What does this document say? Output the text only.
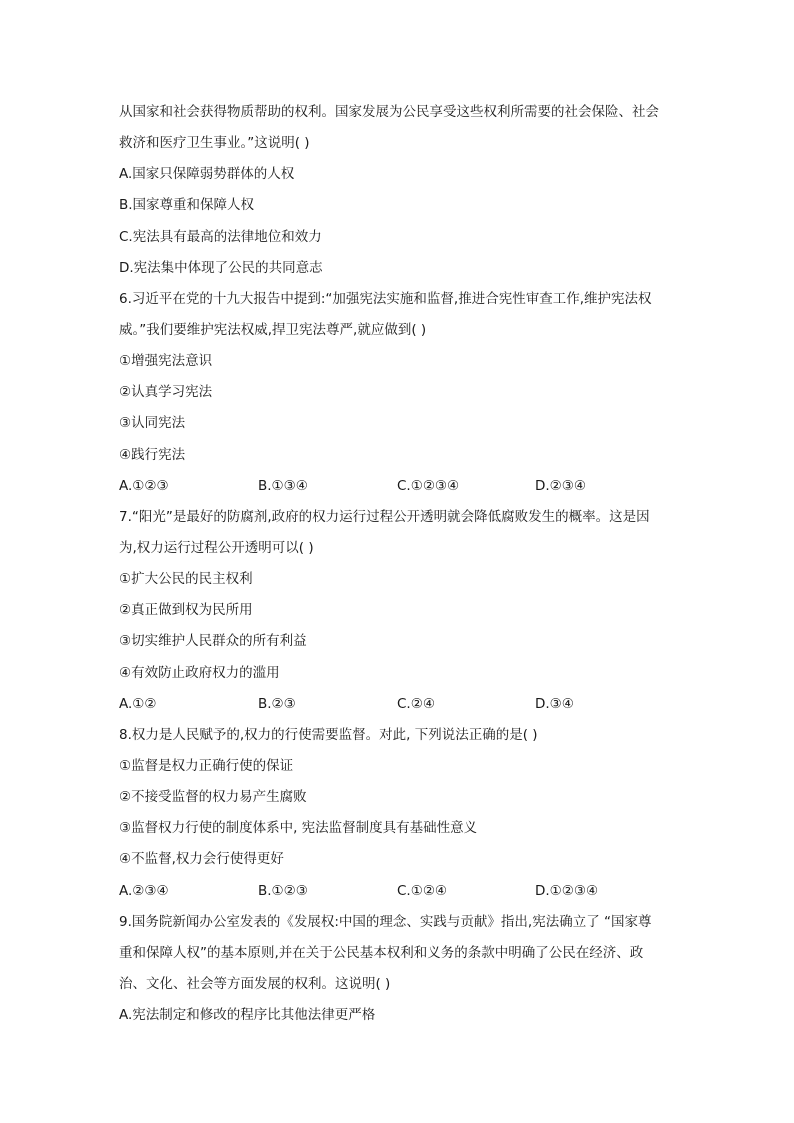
从国家和社会获得物质帮助的权利。国家发展为公民享受这些权利所需要的社会保险、社会
救济和医疗卫生事业。”这说明( )
A.国家只保障弱势群体的人权
B.国家尊重和保障人权
C.宪法具有最高的法律地位和效力
D.宪法集中体现了公民的共同意志
6.习近平在党的十九大报告中提到:“加强宪法实施和监督,推进合宪性审查工作,维护宪法权
威。”我们要维护宪法权威,捍卫宪法尊严,就应做到( )
①增强宪法意识
②认真学习宪法
③认同宪法
④践行宪法
A.①②③	B.①③④	C.①②③④	D.②③④
7.“阳光”是最好的防腐剂,政府的权力运行过程公开透明就会降低腐败发生的概率。这是因
为,权力运行过程公开透明可以( )
①扩大公民的民主权利
②真正做到权为民所用
③切实维护人民群众的所有利益
④有效防止政府权力的滥用
A.①②	B.②③	C.②④	D.③④
8.权力是人民赋予的,权力的行使需要监督。对此, 下列说法正确的是( )
①监督是权力正确行使的保证
②不接受监督的权力易产生腐败
③监督权力行使的制度体系中, 宪法监督制度具有基础性意义
④不监督,权力会行使得更好
A.②③④	B.①②③	C.①②④	D.①②③④
9.国务院新闻办公室发表的《发展权:中国的理念、实践与贡献》指出,宪法确立了 “国家尊
重和保障人权”的基本原则,并在关于公民基本权利和义务的条款中明确了公民在经济、政
治、文化、社会等方面发展的权利。这说明( )
A.宪法制定和修改的程序比其他法律更严格
